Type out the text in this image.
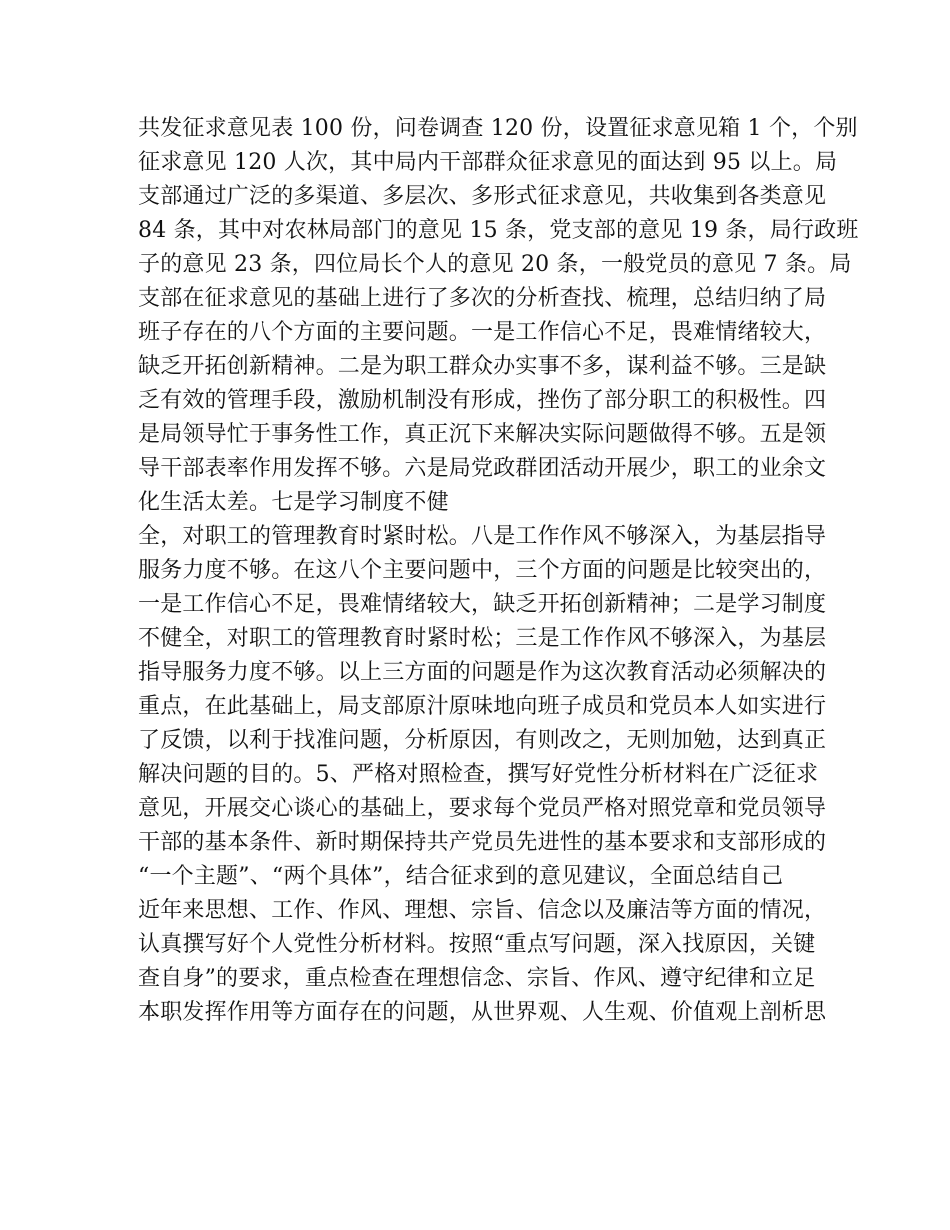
共发征求意见表 100 份，问卷调查 120 份，设置征求意见箱 1 个，个别
征求意见 120 人次，其中局内干部群众征求意见的面达到 95 以上。局
支部通过广泛的多渠道、多层次、多形式征求意见，共收集到各类意见
84 条，其中对农林局部门的意见 15 条，党支部的意见 19 条，局行政班
子的意见 23 条，四位局长个人的意见 20 条，一般党员的意见 7 条。局
支部在征求意见的基础上进行了多次的分析查找、梳理，总结归纳了局
班子存在的八个方面的主要问题。一是工作信心不足，畏难情绪较大，
缺乏开拓创新精神。二是为职工群众办实事不多，谋利益不够。三是缺
乏有效的管理手段，激励机制没有形成，挫伤了部分职工的积极性。四
是局领导忙于事务性工作，真正沉下来解决实际问题做得不够。五是领
导干部表率作用发挥不够。六是局党政群团活动开展少，职工的业余文
化生活太差。七是学习制度不健
全，对职工的管理教育时紧时松。八是工作作风不够深入，为基层指导
服务力度不够。在这八个主要问题中，三个方面的问题是比较突出的，
一是工作信心不足，畏难情绪较大，缺乏开拓创新精神；二是学习制度
不健全，对职工的管理教育时紧时松；三是工作作风不够深入，为基层
指导服务力度不够。以上三方面的问题是作为这次教育活动必须解决的
重点，在此基础上，局支部原汁原味地向班子成员和党员本人如实进行
了反馈，以利于找准问题，分析原因，有则改之，无则加勉，达到真正
解决问题的目的。5、严格对照检查，撰写好党性分析材料在广泛征求
意见，开展交心谈心的基础上，要求每个党员严格对照党章和党员领导
干部的基本条件、新时期保持共产党员先进性的基本要求和支部形成的
“一个主题”、“两个具体”，结合征求到的意见建议，全面总结自己
近年来思想、工作、作风、理想、宗旨、信念以及廉洁等方面的情况，
认真撰写好个人党性分析材料。按照“重点写问题，深入找原因，关键
查自身”的要求，重点检查在理想信念、宗旨、作风、遵守纪律和立足
本职发挥作用等方面存在的问题，从世界观、人生观、价值观上剖析思
